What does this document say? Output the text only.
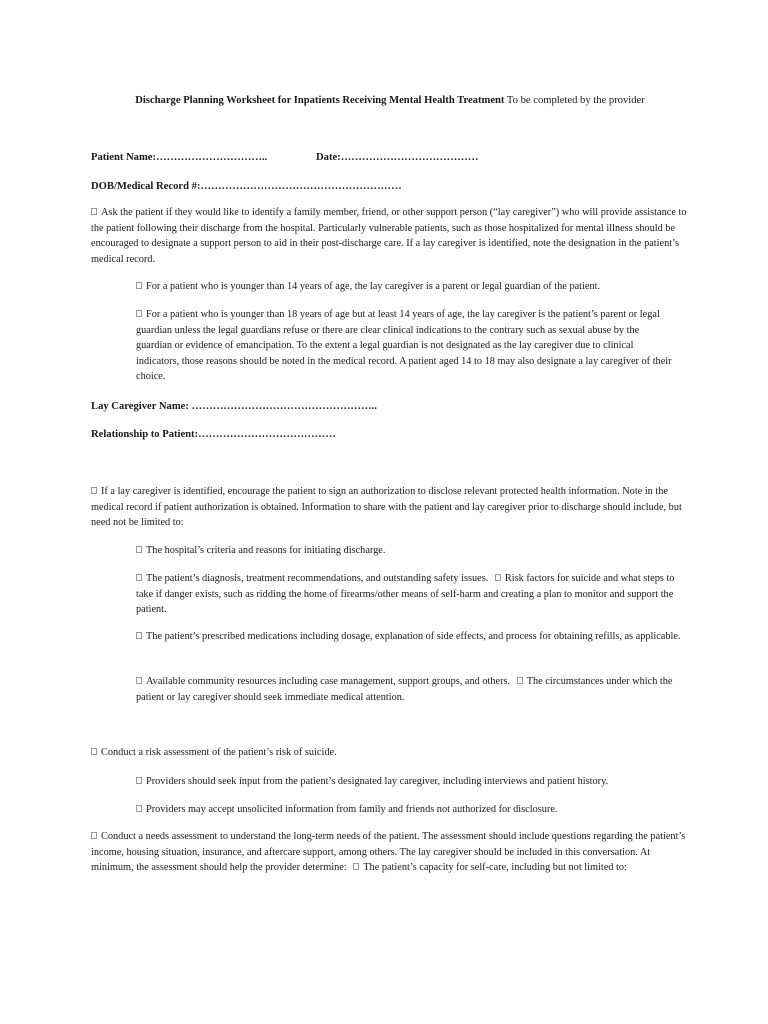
Discharge Planning Worksheet for Inpatients Receiving Mental Health Treatment To be completed by the provider
Patient Name:…………………………..	Date:…………………………………
DOB/Medical Record #:…………………………………………………
Ask the patient if they would like to identify a family member, friend, or other support person (“lay caregiver”) who will provide assistance to the patient following their discharge from the hospital. Particularly vulnerable patients, such as those hospitalized for mental illness should be encouraged to designate a support person to aid in their post-discharge care. If a lay caregiver is identified, note the designation in the patient’s medical record.
For a patient who is younger than 14 years of age, the lay caregiver is a parent or legal guardian of the patient.
For a patient who is younger than 18 years of age but at least 14 years of age, the lay caregiver is the patient’s parent or legal guardian unless the legal guardians refuse or there are clear clinical indications to the contrary such as sexual abuse by the guardian or evidence of emancipation. To the extent a legal guardian is not designated as the lay caregiver due to clinical indicators, those reasons should be noted in the medical record. A patient aged 14 to 18 may also designate a lay caregiver of their choice.
Lay Caregiver Name: ……………………………………………..
Relationship to Patient:…………………………………
If a lay caregiver is identified, encourage the patient to sign an authorization to disclose relevant protected health information. Note in the medical record if patient authorization is obtained. Information to share with the patient and lay caregiver prior to discharge should include, but need not be limited to:
The hospital’s criteria and reasons for initiating discharge.
The patient’s diagnosis, treatment recommendations, and outstanding safety issues. Risk factors for suicide and what steps to take if danger exists, such as ridding the home of firearms/other means of self-harm and creating a plan to monitor and support the patient.
The patient’s prescribed medications including dosage, explanation of side effects, and process for obtaining refills, as applicable.
Available community resources including case management, support groups, and others. The circumstances under which the patient or lay caregiver should seek immediate medical attention.
Conduct a risk assessment of the patient’s risk of suicide.
Providers should seek input from the patient’s designated lay caregiver, including interviews and patient history.
Providers may accept unsolicited information from family and friends not authorized for disclosure.
Conduct a needs assessment to understand the long-term needs of the patient. The assessment should include questions regarding the patient’s income, housing situation, insurance, and aftercare support, among others. The lay caregiver should be included in this conversation. At minimum, the assessment should help the provider determine: The patient’s capacity for self-care, including but not limited to:
